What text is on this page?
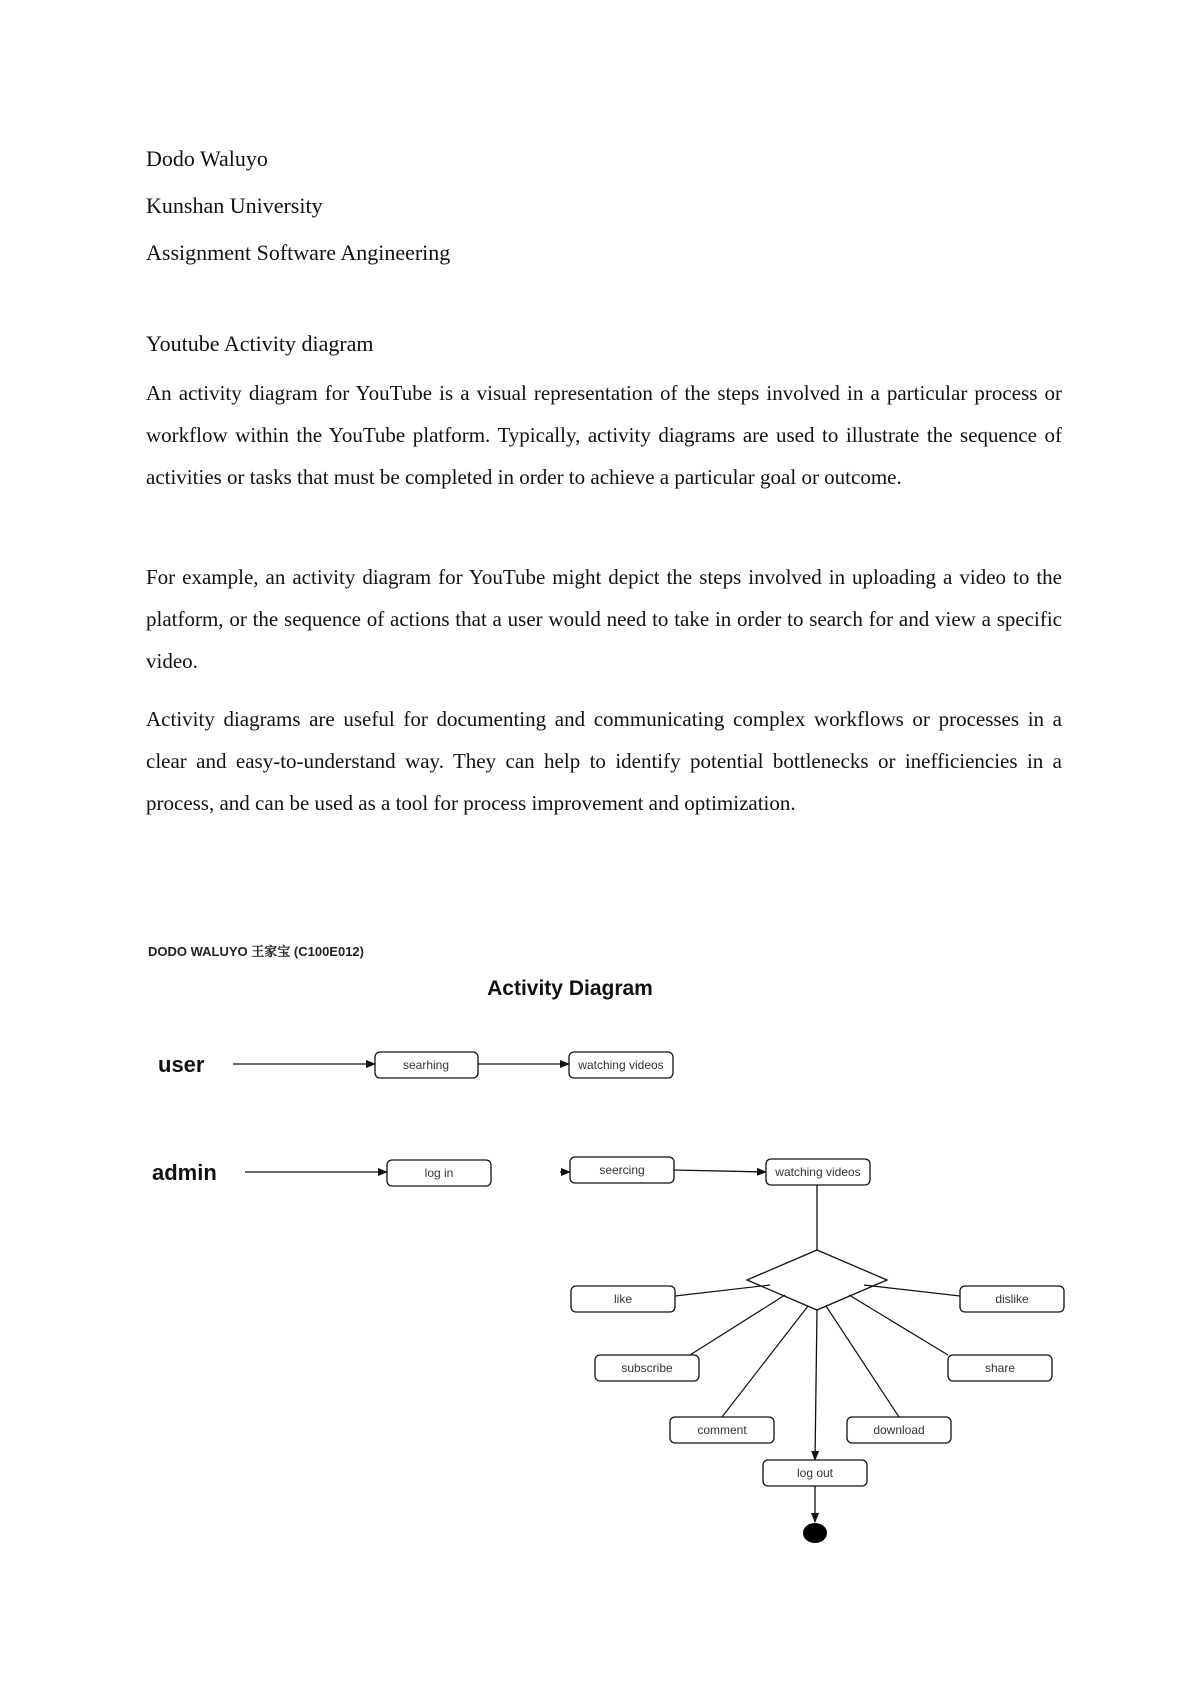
Dodo Waluyo
Kunshan University
Assignment Software Angineering
Youtube Activity diagram

An activity diagram for YouTube is a visual representation of the steps involved in a particular process or workflow within the YouTube platform. Typically, activity diagrams are used to illustrate the sequence of activities or tasks that must be completed in order to achieve a particular goal or outcome.

For example, an activity diagram for YouTube might depict the steps involved in uploading a video to the platform, or the sequence of actions that a user would need to take in order to search for and view a specific video.

Activity diagrams are useful for documenting and communicating complex workflows or processes in a clear and easy-to-understand way. They can help to identify potential bottlenecks or inefficiencies in a process, and can be used as a tool for process improvement and optimization.

DODO WALUYO 王家宝 (C100E012)
Activity Diagram
user	searhing	watching videos
admin	log in	seercing	watching videos
like	dislike
subscribe	share
comment	download
log out
